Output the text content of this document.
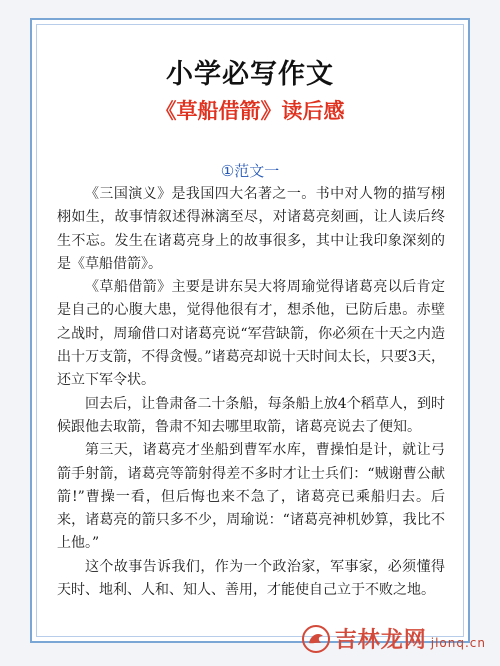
小学必写作文
《草船借箭》读后感
①范文一

《三国演义》是我国四大名著之一。书中对人物的描写栩栩如生，故事情叙述得淋漓至尽，对诸葛亮刻画，让人读后终生不忘。发生在诸葛亮身上的故事很多，其中让我印象深刻的是《草船借箭》。

《草船借箭》主要是讲东吴大将周瑜觉得诸葛亮以后肯定是自己的心腹大患，觉得他很有才，想杀他，已防后患。赤壁之战时，周瑜借口对诸葛亮说“军营缺箭，你必须在十天之内造出十万支箭，不得贪慢。”诸葛亮却说十天时间太长，只要3天，还立下军令状。

回去后，让鲁肃备二十条船，每条船上放4个稻草人，到时候跟他去取箭，鲁肃不知去哪里取箭，诸葛亮说去了便知。

第三天，诸葛亮才坐船到曹军水库，曹操怕是计，就让弓箭手射箭，诸葛亮等箭射得差不多时才让士兵们：“贼谢曹公献箭!”曹操一看，但后悔也来不急了，诸葛亮已乘船归去。后来，诸葛亮的箭只多不少，周瑜说：“诸葛亮神机妙算，我比不上他。”

这个故事告诉我们，作为一个政治家，军事家，必须懂得天时、地利、人和、知人、善用，才能使自己立于不败之地。

吉林龙网 jlonq.cn
